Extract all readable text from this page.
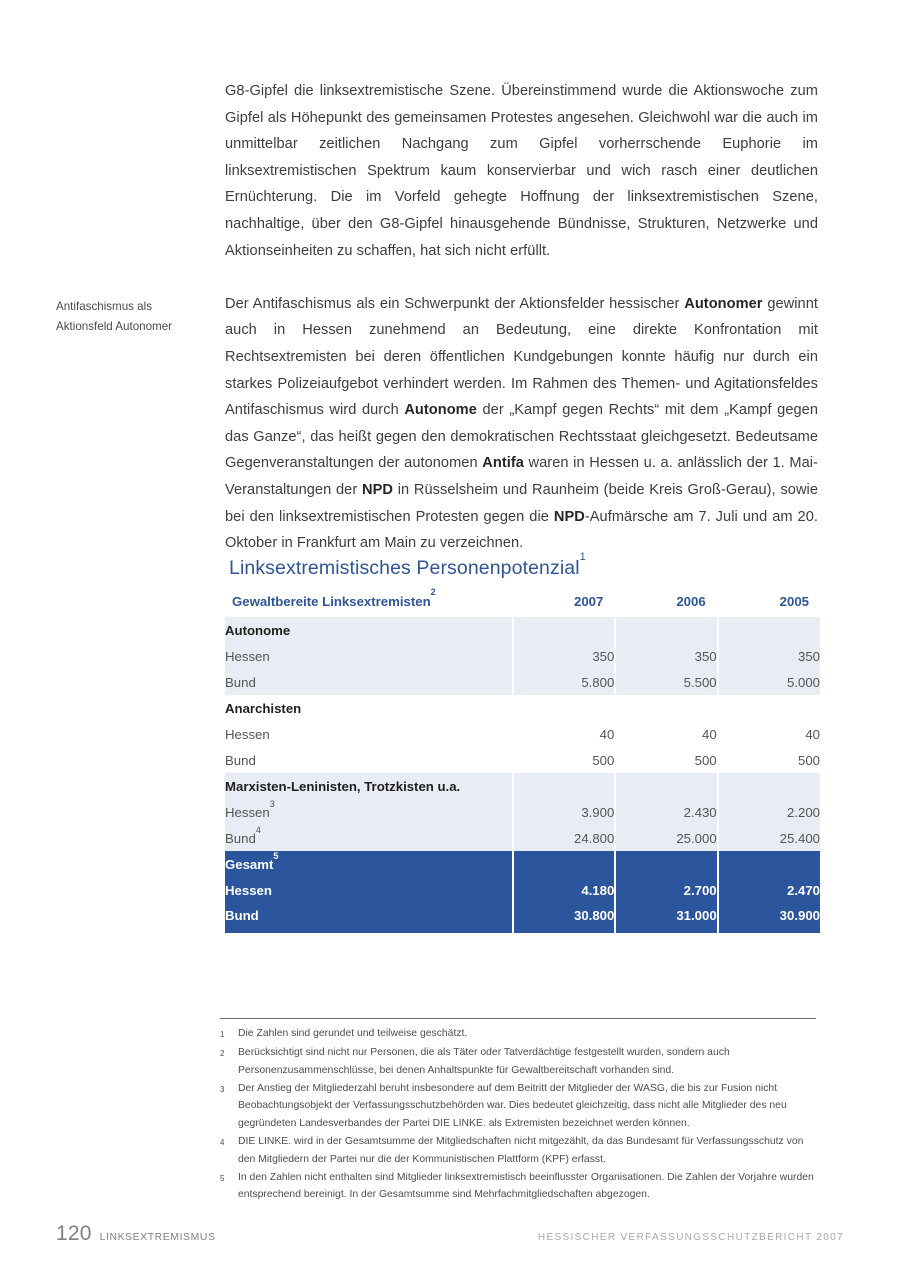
Antifaschismus als
Aktionsfeld Autonomer

G8-Gipfel die linksextremistische Szene. Übereinstimmend wurde die Aktionswoche zum Gipfel als Höhepunkt des gemeinsamen Protestes angesehen. Gleichwohl war die auch im unmittelbar zeitlichen Nachgang zum Gipfel vorherrschende Euphorie im linksextremistischen Spektrum kaum konservierbar und wich rasch einer deutlichen Ernüchterung. Die im Vorfeld gehegte Hoffnung der linksextremistischen Szene, nachhaltige, über den G8-Gipfel hinausgehende Bündnisse, Strukturen, Netzwerke und Aktionseinheiten zu schaffen, hat sich nicht erfüllt.

Der Antifaschismus als ein Schwerpunkt der Aktionsfelder hessischer Autonomer gewinnt auch in Hessen zunehmend an Bedeutung, eine direkte Konfrontation mit Rechtsextremisten bei deren öffentlichen Kundgebungen konnte häufig nur durch ein starkes Polizeiaufgebot verhindert werden. Im Rahmen des Themen- und Agitationsfeldes Antifaschismus wird durch Autonome der „Kampf gegen Rechts“ mit dem „Kampf gegen das Ganze“, das heißt gegen den demokratischen Rechtsstaat gleichgesetzt. Bedeutsame Gegenveranstaltungen der autonomen Antifa waren in Hessen u. a. anlässlich der 1. Mai-Veranstaltungen der NPD in Rüsselsheim und Raunheim (beide Kreis Groß-Gerau), sowie bei den linksextremistischen Protesten gegen die NPD-Aufmärsche am 7. Juli und am 20. Oktober in Frankfurt am Main zu verzeichnen.

Linksextremistisches Personenpotenzial$^1$
Gewaltbereite Linksextremisten$^2$	2007	2006	2005
Autonome			
Hessen	350	350	350
Bund	5.800	5.500	5.000
Anarchisten			
Hessen	40	40	40
Bund	500	500	500
Marxisten-Leninisten, Trotzkisten u.a.			
Hessen$^3$	3.900	2.430	2.200
Bund$^4$	24.800	25.000	25.400
Gesamt$^5$			
Hessen	4.180	2.700	2.470
Bund	30.800	31.000	30.900
1	Die Zahlen sind gerundet und teilweise geschätzt.
2	Berücksichtigt sind nicht nur Personen, die als Täter oder Tatverdächtige festgestellt wurden, sondern auch Personenzusammenschlüsse, bei denen Anhaltspunkte für Gewaltbereitschaft vorhanden sind.
3	Der Anstieg der Mitgliederzahl beruht insbesondere auf dem Beitritt der Mitglieder der WASG, die bis zur Fusion nicht Beobachtungsobjekt der Verfassungsschutzbehörden war. Dies bedeutet gleichzeitig, dass nicht alle Mitglieder des neu gegründeten Landesverbandes der Partei DIE LINKE. als Extremisten bezeichnet werden können.
4	DIE LINKE. wird in der Gesamtsumme der Mitgliedschaften nicht mitgezählt, da das Bundesamt für Verfassungsschutz von den Mitgliedern der Partei nur die der Kommunistischen Plattform (KPF) erfasst.
5	In den Zahlen nicht enthalten sind Mitglieder linksextremistisch beeinflusster Organisationen. Die Zahlen der Vorjahre wurden entsprechend bereinigt. In der Gesamtsumme sind Mehrfachmitgliedschaften abgezogen.
120 LINKSEXTREMISMUS	HESSISCHER VERFASSUNGSSCHUTZBERICHT 2007
